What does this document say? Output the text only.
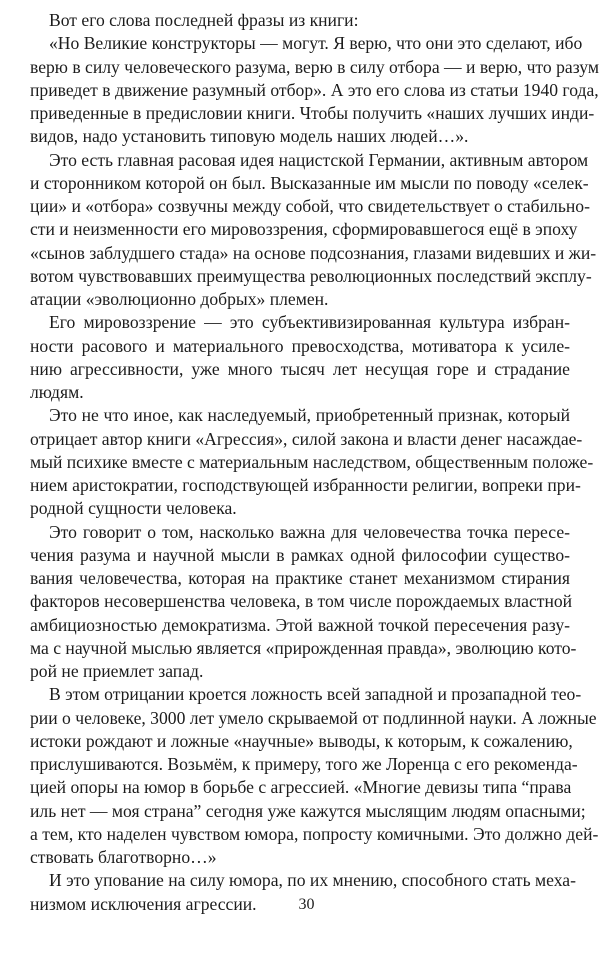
Вот его слова последней фразы из книги:
«Но Великие конструкторы — могут. Я верю, что они это сделают, ибо
верю в силу человеческого разума, верю в силу отбора — и верю, что разум
приведет в движение разумный отбор». А это его слова из статьи 1940 года,
приведенные в предисловии книги. Чтобы получить «наших лучших инди-
видов, надо установить типовую модель наших людей…».
Это есть главная расовая идея нацистской Германии, активным автором
и сторонником которой он был. Высказанные им мысли по поводу «селек-
ции» и «отбора» созвучны между собой, что свидетельствует о стабильно-
сти и неизменности его мировоззрения, сформировавшегося ещё в эпоху
«сынов заблудшего стада» на основе подсознания, глазами видевших и жи-
вотом чувствовавших преимущества революционных последствий эксплу-
атации «эволюционно добрых» племен.
Его мировоззрение — это субъективизированная культура избран-
ности расового и материального превосходства, мотиватора к усиле-
нию агрессивности, уже много тысяч лет несущая горе и страдание
людям.
Это не что иное, как наследуемый, приобретенный признак, который
отрицает автор книги «Агрессия», силой закона и власти денег насаждае-
мый психике вместе с материальным наследством, общественным положе-
нием аристократии, господствующей избранности религии, вопреки при-
родной сущности человека.
Это говорит о том, насколько важна для человечества точка пересе-
чения разума и научной мысли в рамках одной философии существо-
вания человечества, которая на практике станет механизмом стирания
факторов несовершенства человека, в том числе порождаемых властной
амбициозностью демократизма. Этой важной точкой пересечения разу-
ма с научной мыслью является «прирожденная правда», эволюцию кото-
рой не приемлет запад.
В этом отрицании кроется ложность всей западной и прозападной тео-
рии о человеке, 3000 лет умело скрываемой от подлинной науки. А ложные
истоки рождают и ложные «научные» выводы, к которым, к сожалению,
прислушиваются. Возьмём, к примеру, того же Лоренца с его рекоменда-
цией опоры на юмор в борьбе с агрессией. «Многие девизы типа “права
иль нет — моя страна” сегодня уже кажутся мыслящим людям опасными;
а тем, кто наделен чувством юмора, попросту комичными. Это должно дей-
ствовать благотворно…»
И это упование на силу юмора, по их мнению, способного стать меха-
низмом исключения агрессии.	30
